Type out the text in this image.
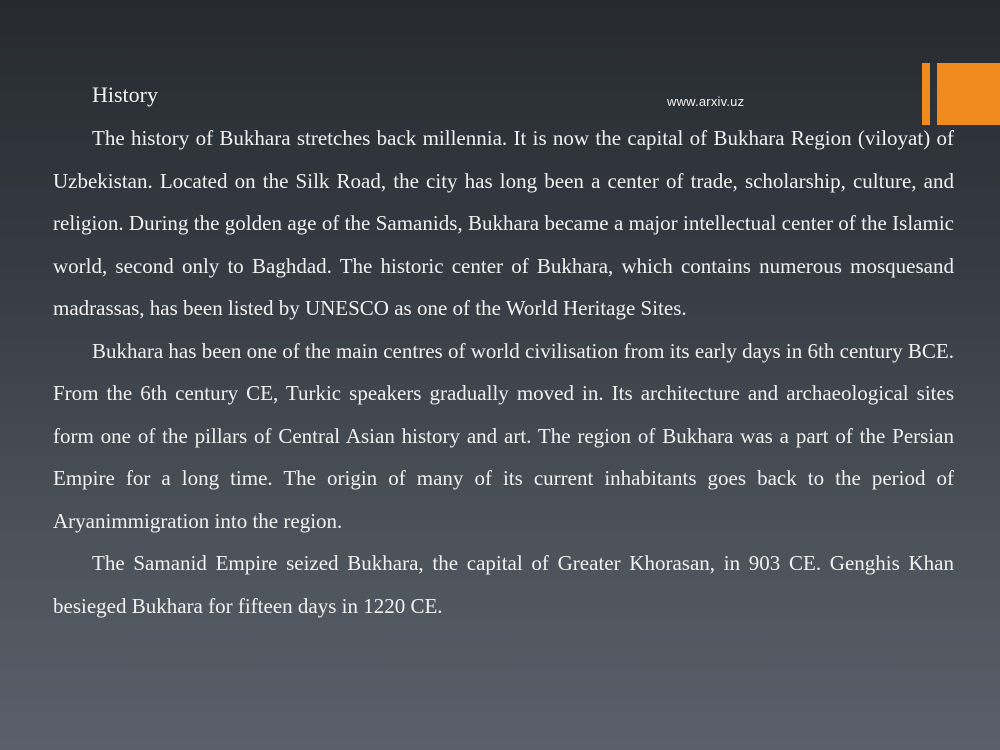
History	www.arxiv.uz

The history of Bukhara stretches back millennia. It is now the capital of Bukhara Region (viloyat) of Uzbekistan. Located on the Silk Road, the city has long been a center of trade, scholarship, culture, and religion. During the golden age of the Samanids, Bukhara became a major intellectual center of the Islamic world, second only to Baghdad. The historic center of Bukhara, which contains numerous mosquesand madrassas, has been listed by UNESCO as one of the World Heritage Sites.

Bukhara has been one of the main centres of world civilisation from its early days in 6th century BCE. From the 6th century CE, Turkic speakers gradually moved in. Its architecture and archaeological sites form one of the pillars of Central Asian history and art. The region of Bukhara was a part of the Persian Empire for a long time. The origin of many of its current inhabitants goes back to the period of Aryanimmigration into the region.

The Samanid Empire seized Bukhara, the capital of Greater Khorasan, in 903 CE. Genghis Khan besieged Bukhara for fifteen days in 1220 CE.
